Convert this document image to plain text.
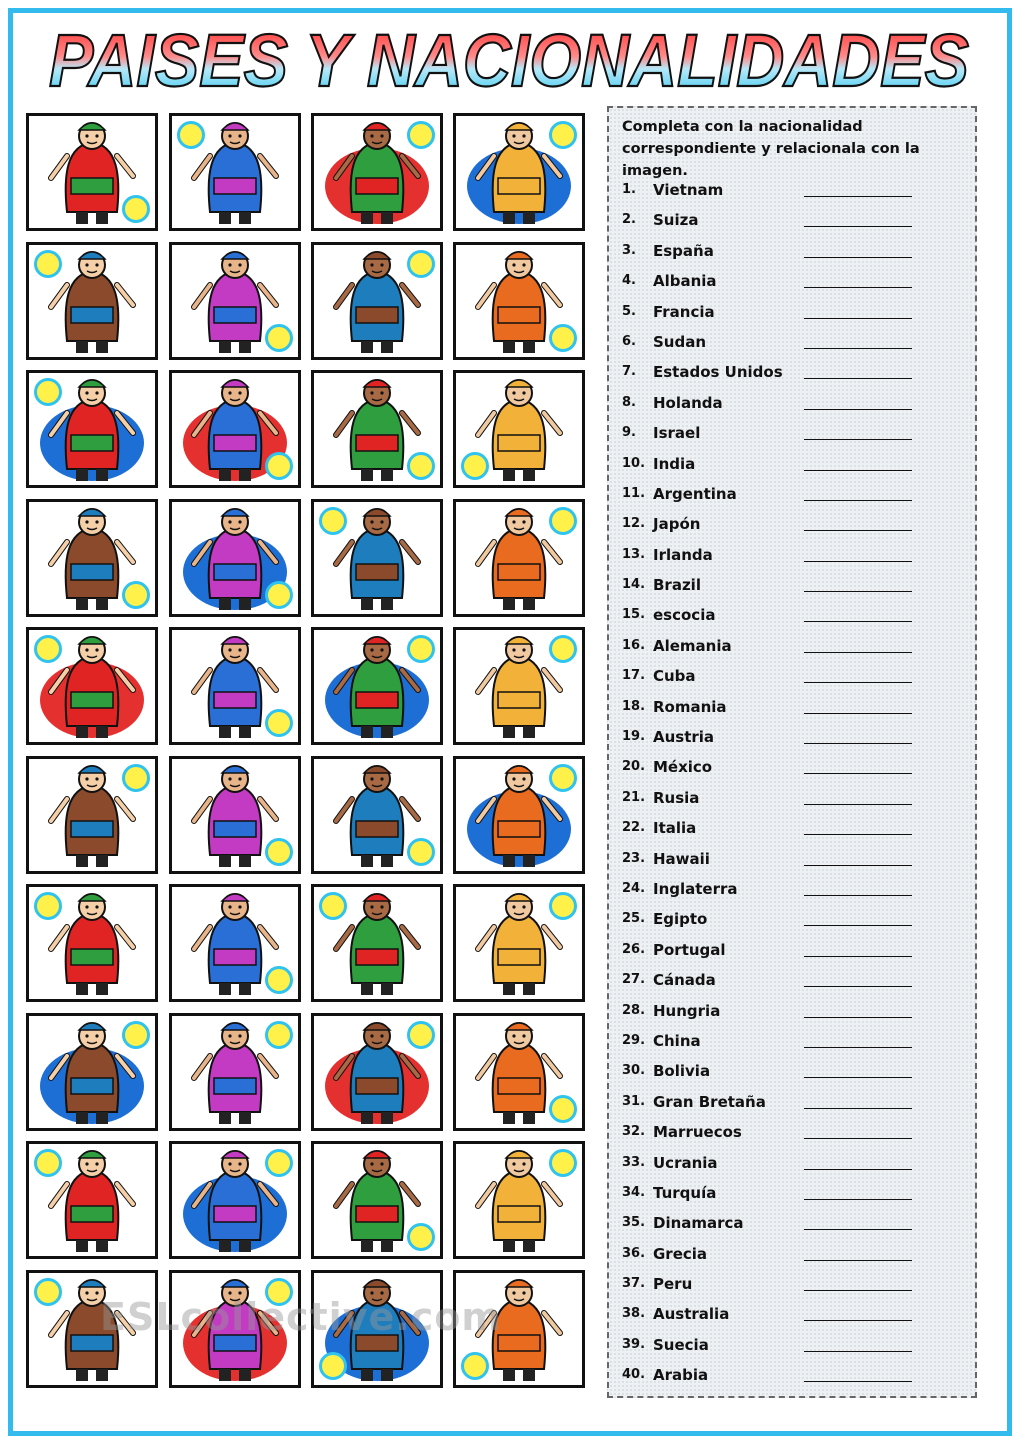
PAISES Y NACIONALIDADES
ESLcollective.com
Completa con la nacionalidad correspondiente y relacionala con la imagen.
1. Vietnam
2. Suiza
3. España
4. Albania
5. Francia
6. Sudan
7. Estados Unidos
8. Holanda
9. Israel
10. India
11. Argentina
12. Japón
13. Irlanda
14. Brazil
15. escocia
16. Alemania
17. Cuba
18. Romania
19. Austria
20. México
21. Rusia
22. Italia
23. Hawaii
24. Inglaterra
25. Egipto
26. Portugal
27. Cánada
28. Hungria
29. China
30. Bolivia
31. Gran Bretaña
32. Marruecos
33. Ucrania
34. Turquía
35. Dinamarca
36. Grecia
37. Peru
38. Australia
39. Suecia
40. Arabia
